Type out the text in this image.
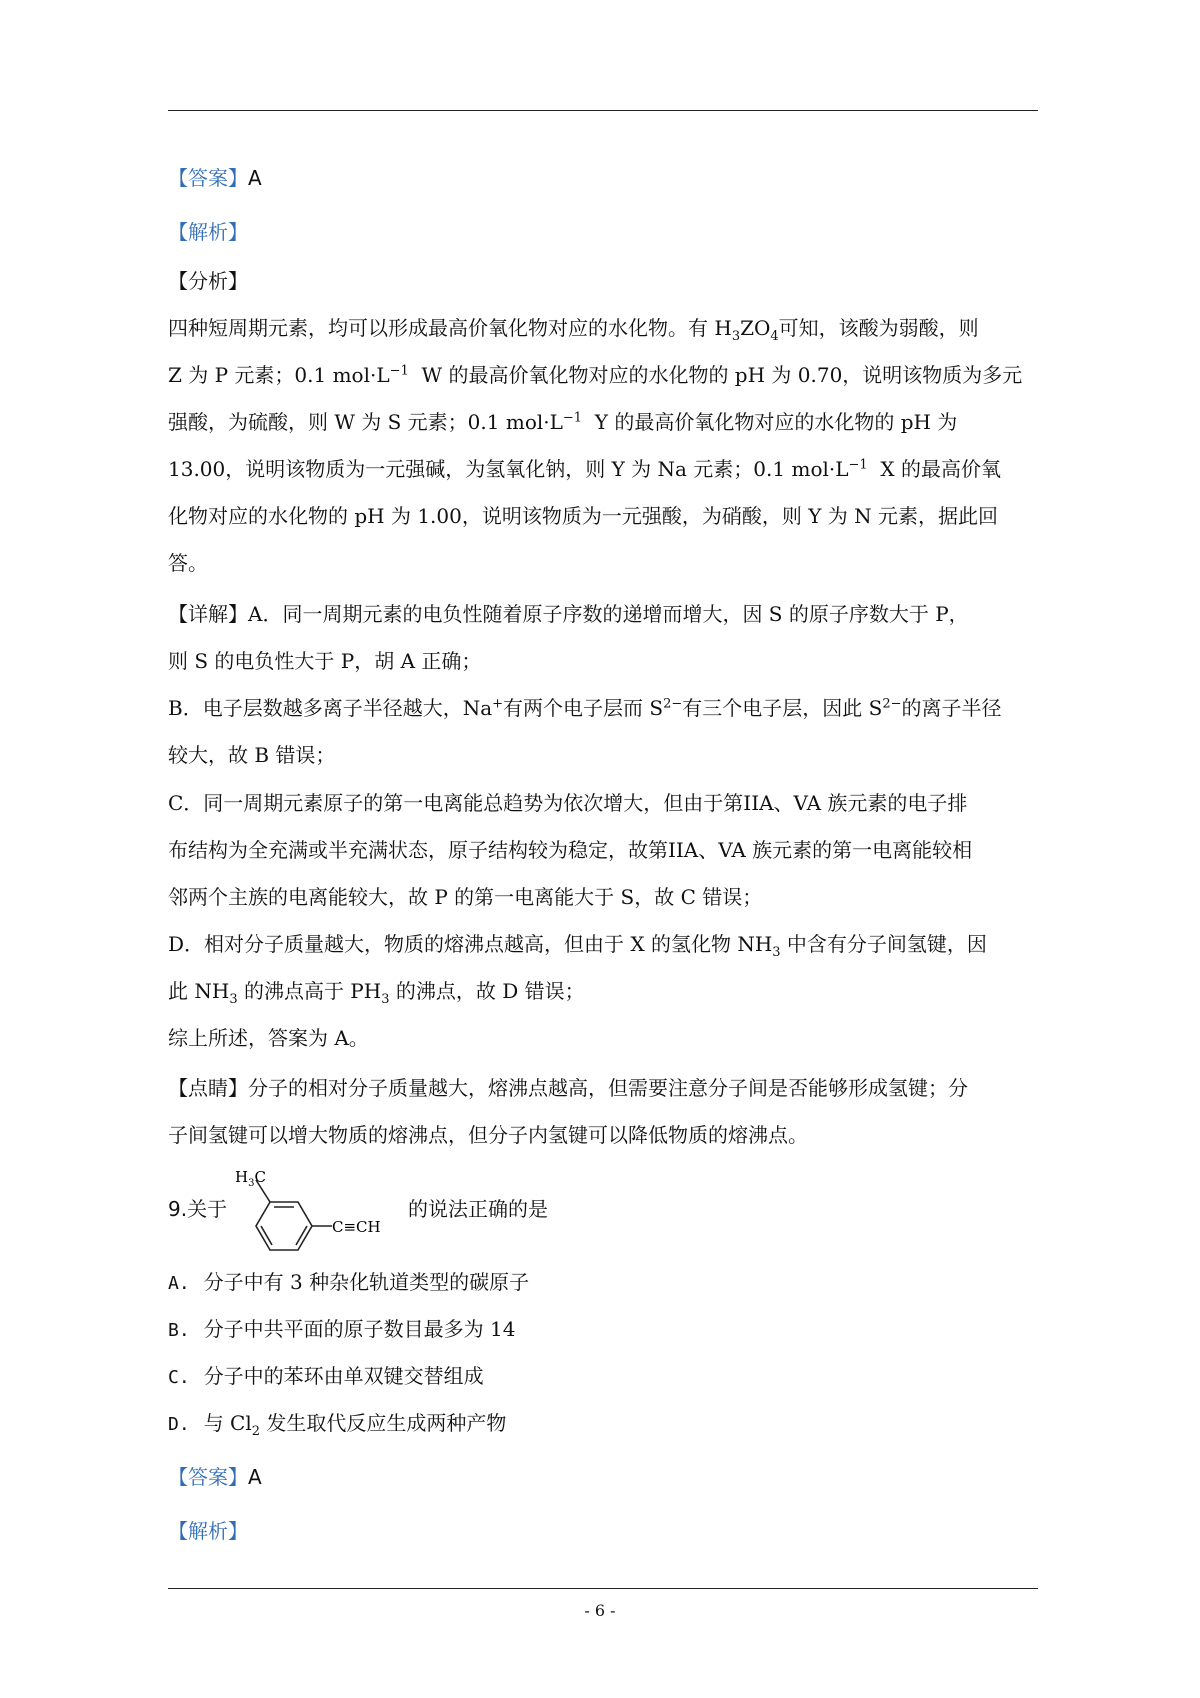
【答案】A
【解析】
【分析】
四种短周期元素，均可以形成最高价氧化物对应的水化物。有 $H_3ZO_4$可知，该酸为弱酸，则
Z 为 P 元素；0.1 $mol\cdot L^{-1}$  W 的最高价氧化物对应的水化物的 pH 为 0.70，说明该物质为多元
强酸，为硫酸，则 W 为 S 元素；0.1 $mol\cdot L^{-1}$  Y 的最高价氧化物对应的水化物的 pH 为
13.00，说明该物质为一元强碱，为氢氧化钠，则 Y 为 Na 元素；0.1 $mol\cdot L^{-1}$  X 的最高价氧
化物对应的水化物的 pH 为 1.00，说明该物质为一元强酸，为硝酸，则 Y 为 N 元素，据此回
答。
【详解】A．同一周期元素的电负性随着原子序数的递增而增大，因 S 的原子序数大于 P，
则 S 的电负性大于 P，胡 A 正确；
B．电子层数越多离子半径越大，Na+有两个电子层而 $S^{2-}$有三个电子层，因此 $S^{2-}$的离子半径
较大，故 B 错误；
C．同一周期元素原子的第一电离能总趋势为依次增大，但由于第IIA、VA 族元素的电子排
布结构为全充满或半充满状态，原子结构较为稳定，故第IIA、VA 族元素的第一电离能较相
邻两个主族的电离能较大，故 P 的第一电离能大于 S，故 C 错误；
D．相对分子质量越大，物质的熔沸点越高，但由于 X 的氢化物 $NH_3$ 中含有分子间氢键，因
此 $NH_3$ 的沸点高于 $PH_3$ 的沸点，故 D 错误；
综上所述，答案为 A。
【点睛】分子的相对分子质量越大，熔沸点越高，但需要注意分子间是否能够形成氢键；分
子间氢键可以增大物质的熔沸点，但分子内氢键可以降低物质的熔沸点。
9.关于
$H_3C$
C≡CH
的说法正确的是
A. 分子中有 3 种杂化轨道类型的碳原子
B. 分子中共平面的原子数目最多为 14
C. 分子中的苯环由单双键交替组成
D. 与 $Cl_2$ 发生取代反应生成两种产物
【答案】A
【解析】
- 6 -
